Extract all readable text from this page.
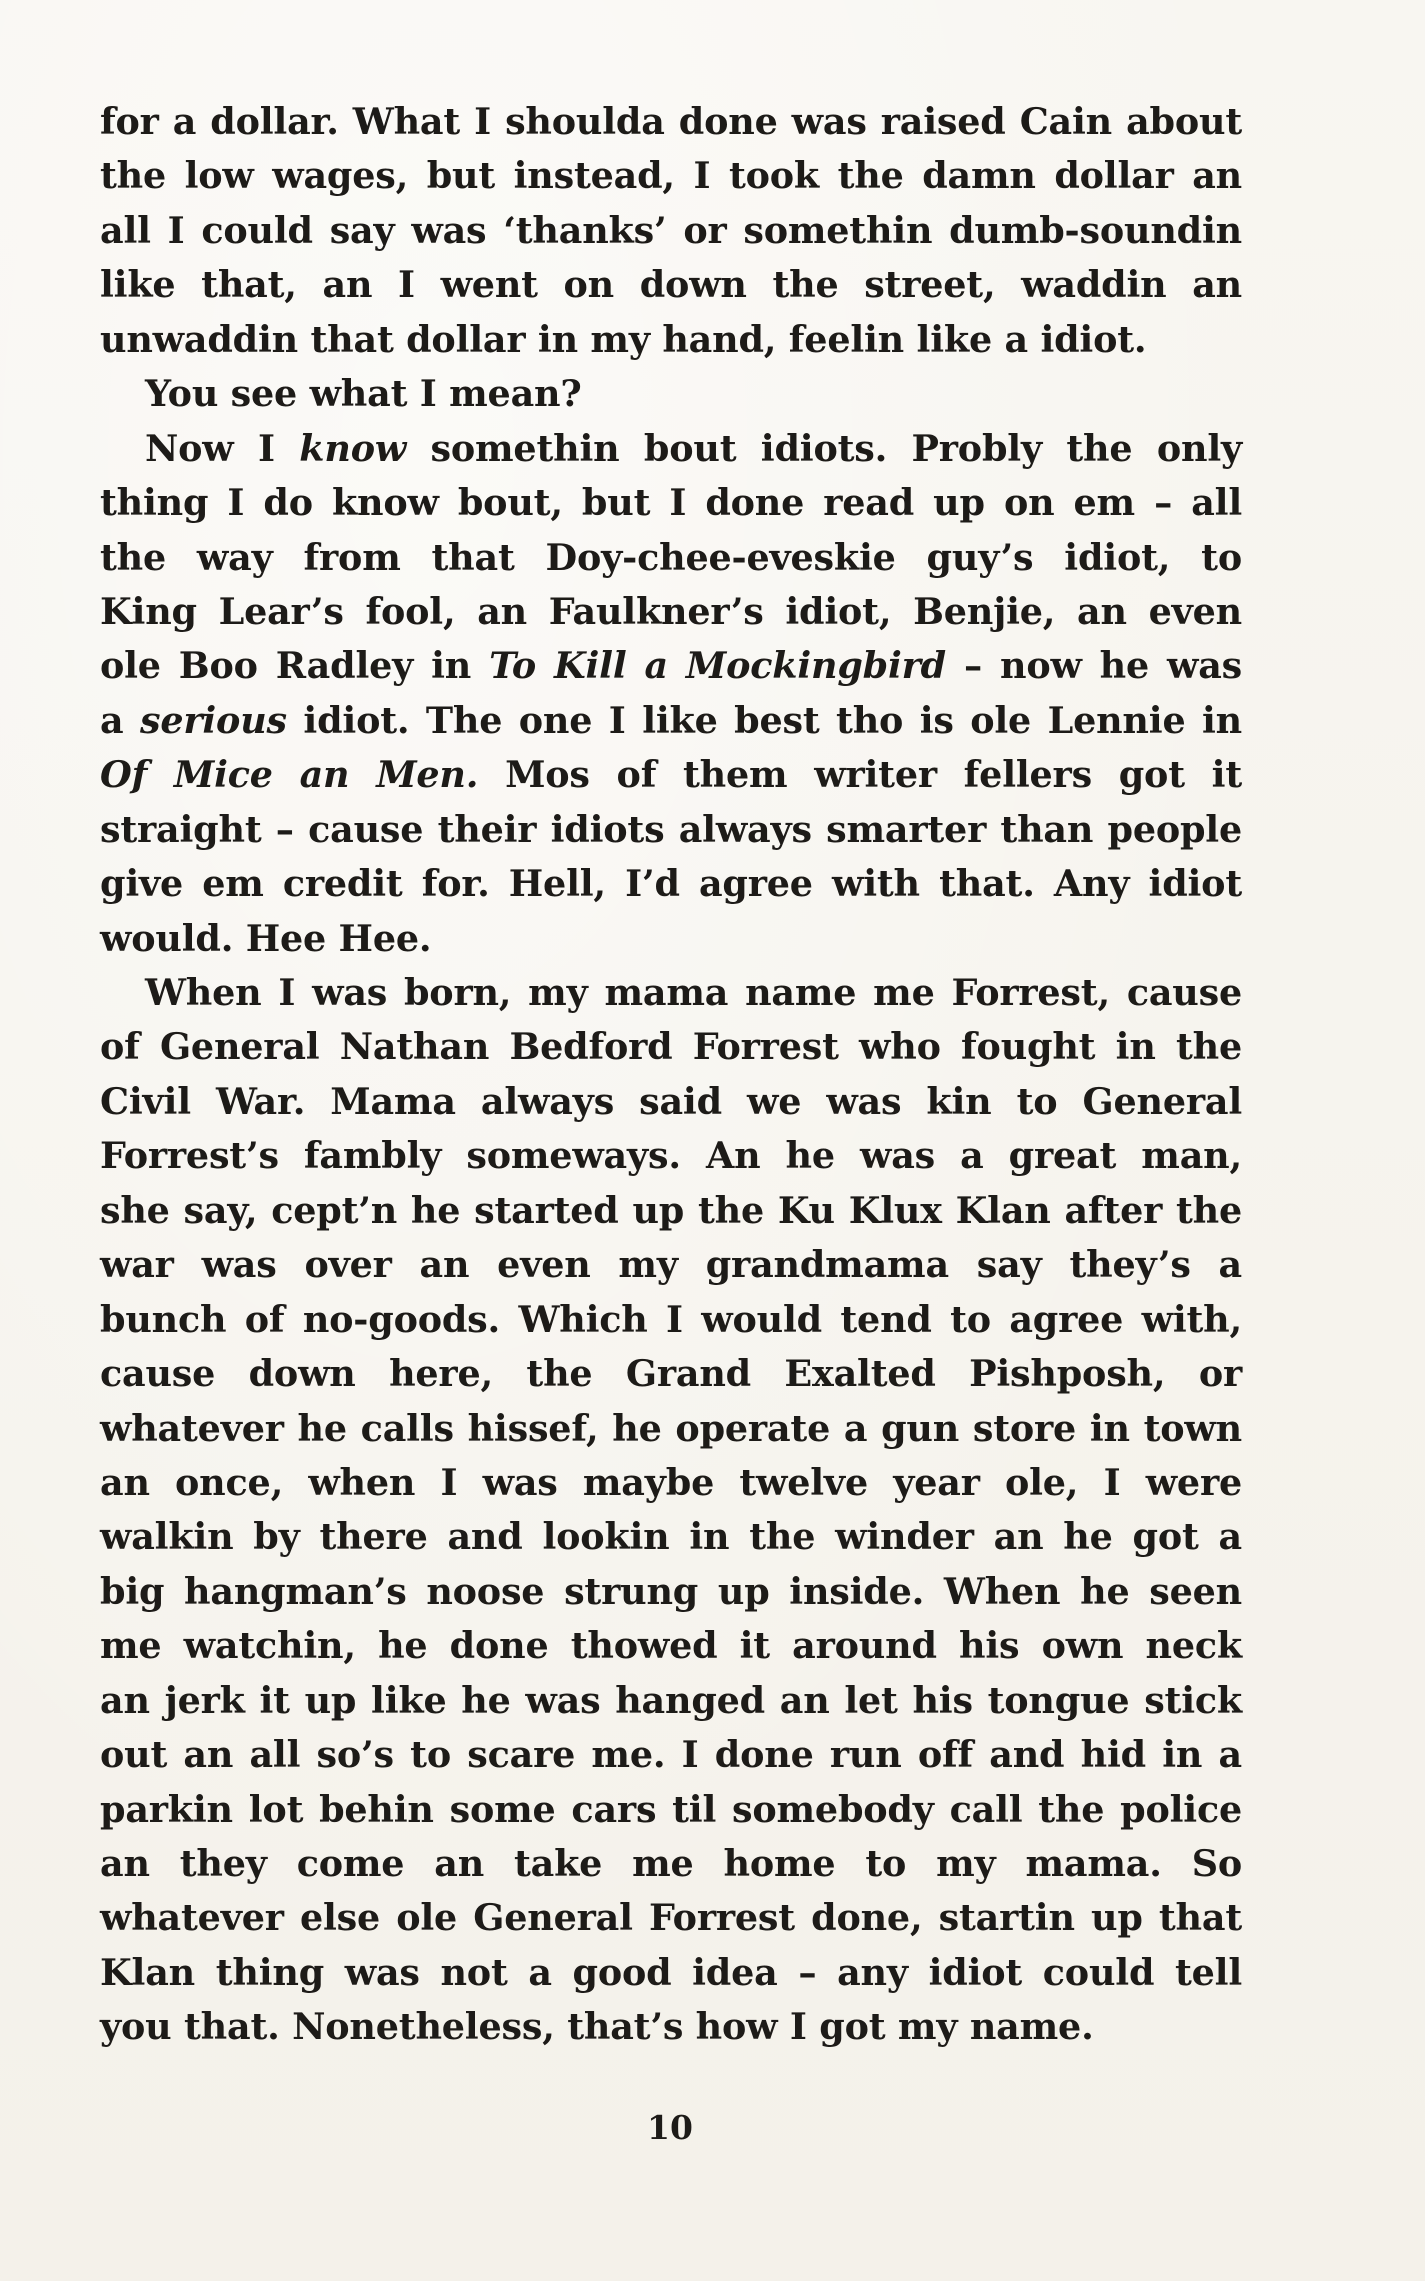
for a dollar. What I shoulda done was raised Cain about
the low wages, but instead, I took the damn dollar an
all I could say was ‘thanks’ or somethin dumb-soundin
like that, an I went on down the street, waddin an
unwaddin that dollar in my hand, feelin like a idiot.
You see what I mean?
Now I know somethin bout idiots. Probly the only
thing I do know bout, but I done read up on em – all
the way from that Doy-chee-eveskie guy’s idiot, to
King Lear’s fool, an Faulkner’s idiot, Benjie, an even
ole Boo Radley in To Kill a Mockingbird – now he was
a serious idiot. The one I like best tho is ole Lennie in
Of Mice an Men. Mos of them writer fellers got it
straight – cause their idiots always smarter than people
give em credit for. Hell, I’d agree with that. Any idiot
would. Hee Hee.
When I was born, my mama name me Forrest, cause
of General Nathan Bedford Forrest who fought in the
Civil War. Mama always said we was kin to General
Forrest’s fambly someways. An he was a great man,
she say, cept’n he started up the Ku Klux Klan after the
war was over an even my grandmama say they’s a
bunch of no-goods. Which I would tend to agree with,
cause down here, the Grand Exalted Pishposh, or
whatever he calls hissef, he operate a gun store in town
an once, when I was maybe twelve year ole, I were
walkin by there and lookin in the winder an he got a
big hangman’s noose strung up inside. When he seen
me watchin, he done thowed it around his own neck
an jerk it up like he was hanged an let his tongue stick
out an all so’s to scare me. I done run off and hid in a
parkin lot behin some cars til somebody call the police
an they come an take me home to my mama. So
whatever else ole General Forrest done, startin up that
Klan thing was not a good idea – any idiot could tell
you that. Nonetheless, that’s how I got my name.
10
